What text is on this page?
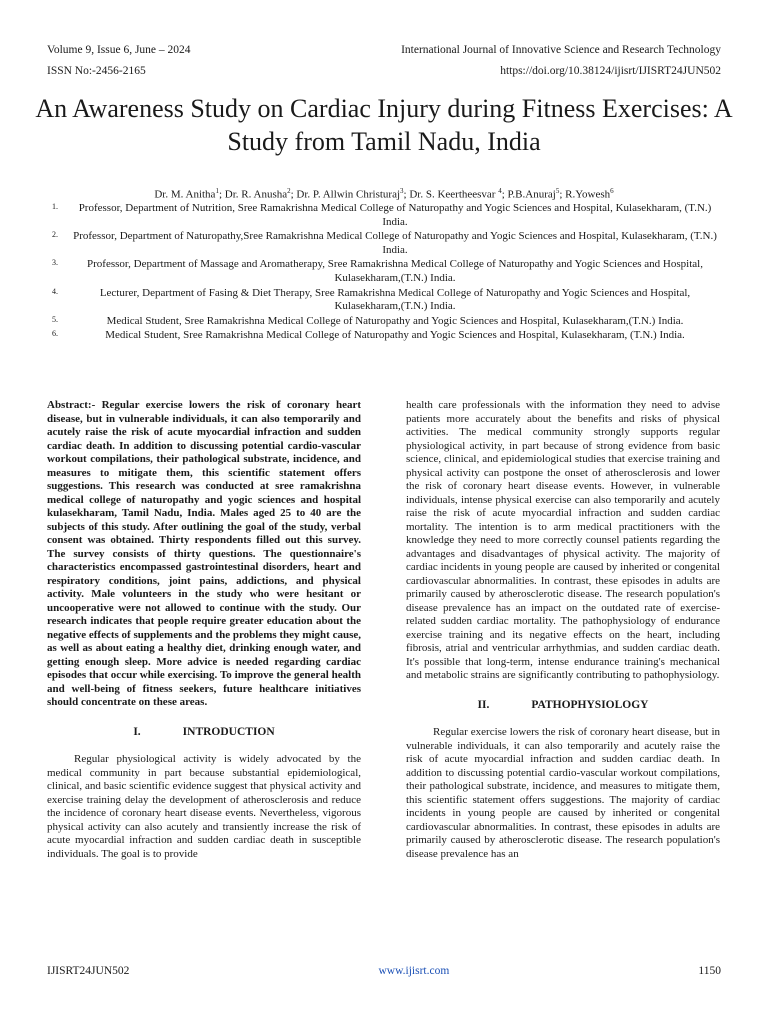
Volume 9, Issue 6, June – 2024	International Journal of Innovative Science and Research Technology
ISSN No:-2456-2165	https://doi.org/10.38124/ijisrt/IJISRT24JUN502
An Awareness Study on Cardiac Injury during Fitness Exercises: A Study from Tamil Nadu, India
Dr. M. Anitha$^1$; Dr. R. Anusha$^2$; Dr. P. Allwin Christuraj$^3$; Dr. S. Keertheesvar $^4$; P.B.Anuraj$^5$; R.Yowesh$^6$
1.	Professor, Department of Nutrition, Sree Ramakrishna Medical College of Naturopathy and Yogic Sciences and Hospital, Kulasekharam, (T.N.) India.
2.	Professor, Department of Naturopathy,Sree Ramakrishna Medical College of Naturopathy and Yogic Sciences and Hospital, Kulasekharam, (T.N.) India.
3.	Professor, Department of Massage and Aromatherapy, Sree Ramakrishna Medical College of Naturopathy and Yogic Sciences and Hospital, Kulasekharam,(T.N.) India.
4.	Lecturer, Department of Fasing & Diet Therapy, Sree Ramakrishna Medical College of Naturopathy and Yogic Sciences and Hospital, Kulasekharam,(T.N.) India.
5.	Medical Student, Sree Ramakrishna Medical College of Naturopathy and Yogic Sciences and Hospital, Kulasekharam,(T.N.) India.
6.	Medical Student, Sree Ramakrishna Medical College of Naturopathy and Yogic Sciences and Hospital, Kulasekharam, (T.N.) India.

Abstract:- Regular exercise lowers the risk of coronary heart disease, but in vulnerable individuals, it can also temporarily and acutely raise the risk of acute myocardial infraction and sudden cardiac death. In addition to discussing potential cardio-vascular workout compilations, their pathological substrate, incidence, and measures to mitigate them, this scientific statement offers suggestions. This research was conducted at sree ramakrishna medical college of naturopathy and yogic sciences and hospital kulasekharam, Tamil Nadu, India. Males aged 25 to 40 are the subjects of this study. After outlining the goal of the study, verbal consent was obtained. Thirty respondents filled out this survey. The survey consists of thirty questions. The questionnaire's characteristics encompassed gastrointestinal disorders, heart and respiratory conditions, joint pains, addictions, and physical activity. Male volunteers in the study who were hesitant or uncooperative were not allowed to continue with the study. Our research indicates that people require greater education about the negative effects of supplements and the problems they might cause, as well as about eating a healthy diet, drinking enough water, and getting enough sleep. More advice is needed regarding cardiac episodes that occur while exercising. To improve the general health and well-being of fitness seekers, future healthcare initiatives should concentrate on these areas.

I.	INTRODUCTION

Regular physiological activity is widely advocated by the medical community in part because substantial epidemiological, clinical, and basic scientific evidence suggest that physical activity and exercise training delay the development of atherosclerosis and reduce the incidence of coronary heart disease events. Nevertheless, vigorous physical activity can also acutely and transiently increase the risk of acute myocardial infraction and sudden cardiac death in susceptible individuals. The goal is to provide

health care professionals with the information they need to advise patients more accurately about the benefits and risks of physical activities. The medical community strongly supports regular physiological activity, in part because of strong evidence from basic science, clinical, and epidemiological studies that exercise training and physical activity can postpone the onset of atherosclerosis and lower the risk of coronary heart disease events. However, in vulnerable individuals, intense physical exercise can also temporarily and acutely raise the risk of acute myocardial infraction and sudden cardiac mortality. The intention is to arm medical practitioners with the knowledge they need to more correctly counsel patients regarding the advantages and disadvantages of physical activity. The majority of cardiac incidents in young people are caused by inherited or congenital cardiovascular abnormalities. In contrast, these episodes in adults are primarily caused by atherosclerotic disease. The research population's disease prevalence has an impact on the outdated rate of exercise-related sudden cardiac mortality. The pathophysiology of endurance exercise training and its negative effects on the heart, including fibrosis, atrial and ventricular arrhythmias, and sudden cardiac death. It's possible that long-term, intense endurance training's mechanical and metabolic strains are significantly contributing to pathophysiology.

II.	PATHOPHYSIOLOGY

Regular exercise lowers the risk of coronary heart disease, but in vulnerable individuals, it can also temporarily and acutely raise the risk of acute myocardial infraction and sudden cardiac death. In addition to discussing potential cardio-vascular workout compilations, their pathological substrate, incidence, and measures to mitigate them, this scientific statement offers suggestions. The majority of cardiac incidents in young people are caused by inherited or congenital cardiovascular abnormalities. In contrast, these episodes in adults are primarily caused by atherosclerotic disease. The research population's disease prevalence has an

IJISRT24JUN502	www.ijisrt.com	1150
